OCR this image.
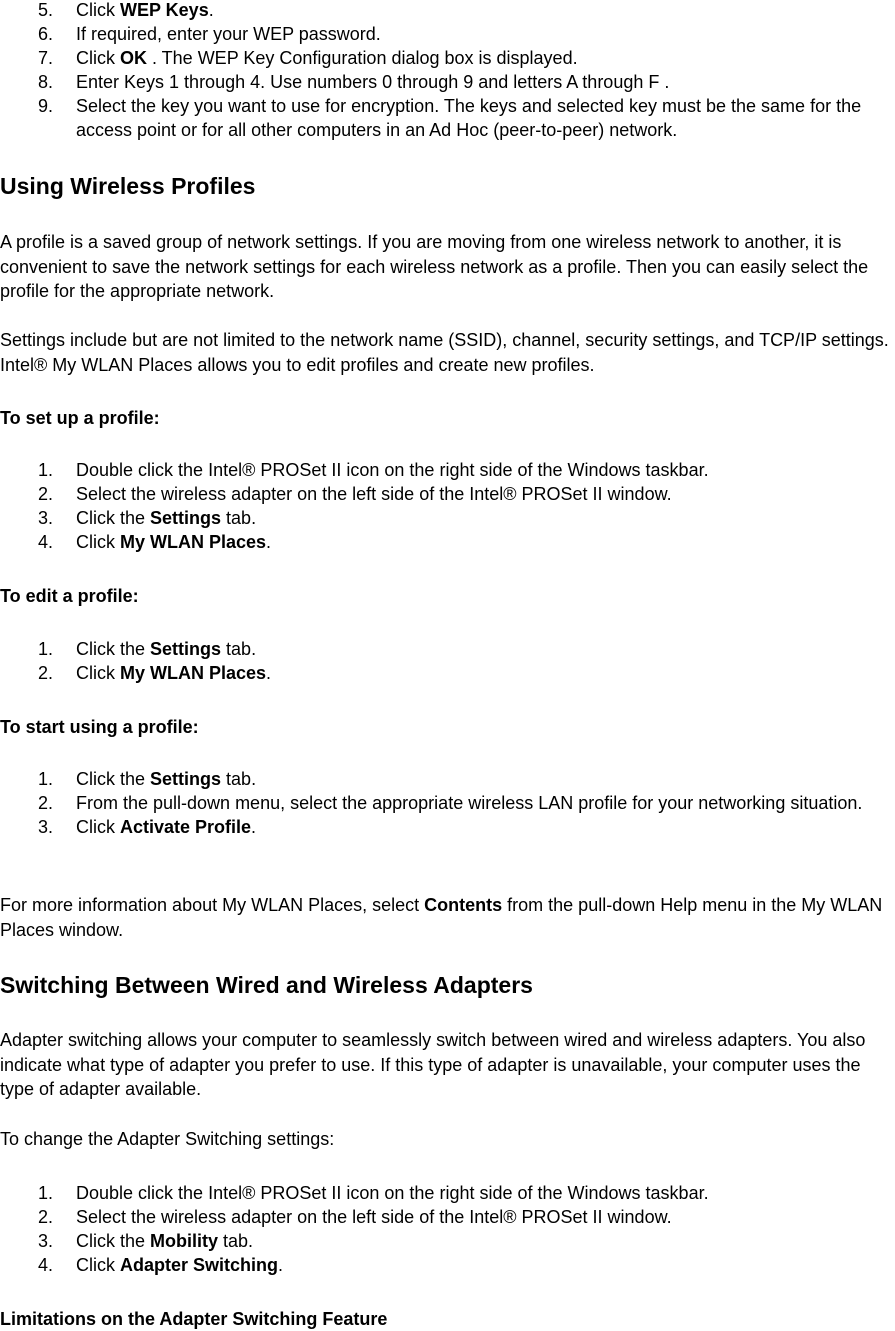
5. Click WEP Keys.
6. If required, enter your WEP password.
7. Click OK . The WEP Key Configuration dialog box is displayed.
8. Enter Keys 1 through 4. Use numbers 0 through 9 and letters A through F .
9. Select the key you want to use for encryption. The keys and selected key must be the same for the access point or for all other computers in an Ad Hoc (peer-to-peer) network.
Using Wireless Profiles

A profile is a saved group of network settings. If you are moving from one wireless network to another, it is convenient to save the network settings for each wireless network as a profile. Then you can easily select the profile for the appropriate network.

Settings include but are not limited to the network name (SSID), channel, security settings, and TCP/IP settings. Intel® My WLAN Places allows you to edit profiles and create new profiles.

To set up a profile:
1. Double click the Intel® PROSet II icon on the right side of the Windows taskbar.
2. Select the wireless adapter on the left side of the Intel® PROSet II window.
3. Click the Settings tab.
4. Click My WLAN Places.
To edit a profile:
1. Click the Settings tab.
2. Click My WLAN Places.
To start using a profile:
1. Click the Settings tab.
2. From the pull-down menu, select the appropriate wireless LAN profile for your networking situation.
3. Click Activate Profile.

For more information about My WLAN Places, select Contents from the pull-down Help menu in the My WLAN Places window.

Switching Between Wired and Wireless Adapters

Adapter switching allows your computer to seamlessly switch between wired and wireless adapters. You also indicate what type of adapter you prefer to use. If this type of adapter is unavailable, your computer uses the type of adapter available.

To change the Adapter Switching settings:

1. Double click the Intel® PROSet II icon on the right side of the Windows taskbar.
2. Select the wireless adapter on the left side of the Intel® PROSet II window.
3. Click the Mobility tab.
4. Click Adapter Switching.
Limitations on the Adapter Switching Feature
